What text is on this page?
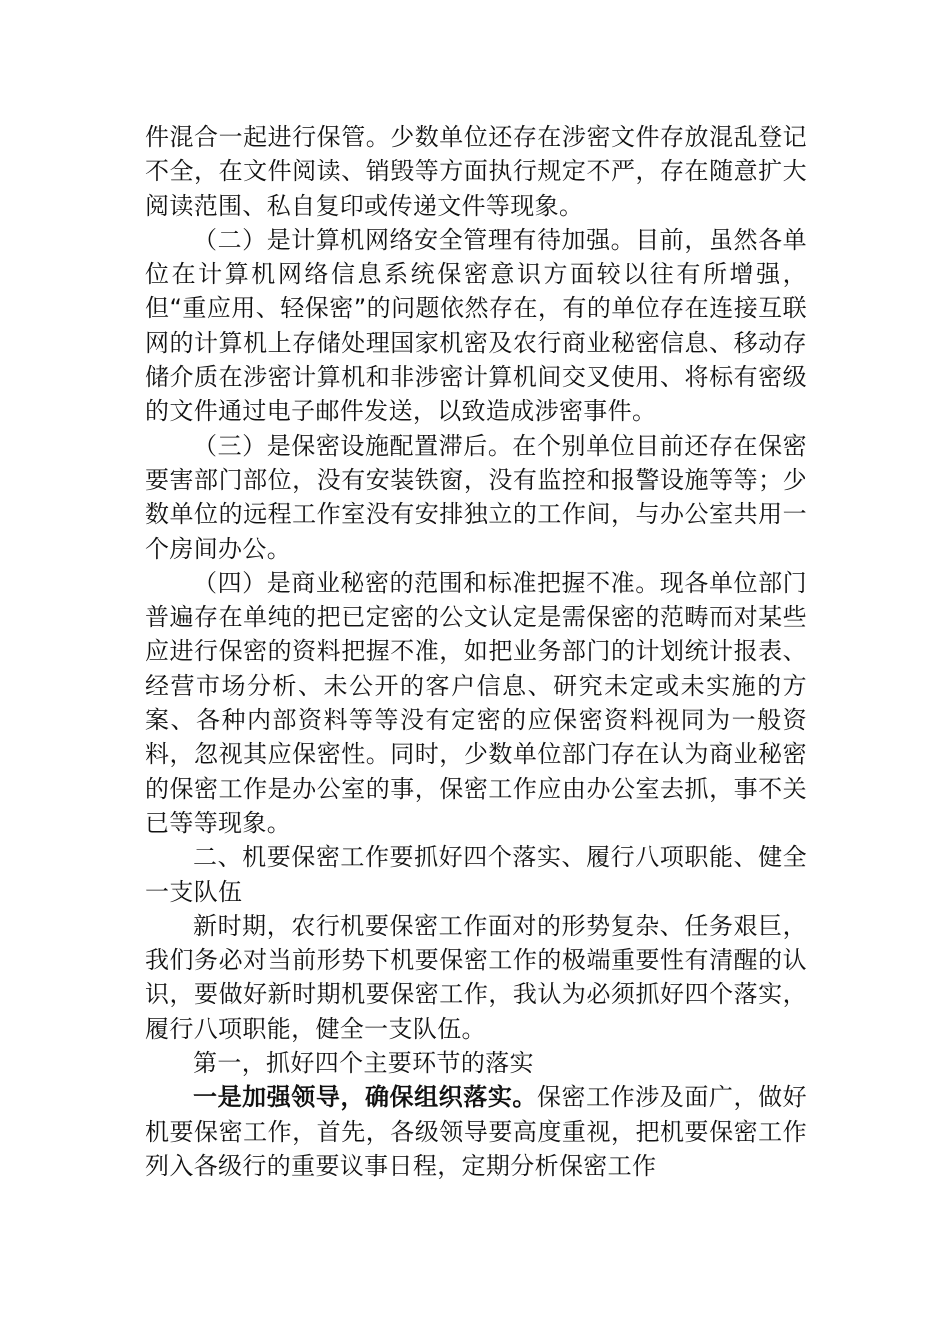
件混合一起进行保管。少数单位还存在涉密文件存放混乱登记不全，在文件阅读、销毁等方面执行规定不严，存在随意扩大阅读范围、私自复印或传递文件等现象。

（二）是计算机网络安全管理有待加强。目前，虽然各单位在计算机网络信息系统保密意识方面较以往有所增强，但“重应用、轻保密”的问题依然存在，有的单位存在连接互联网的计算机上存储处理国家机密及农行商业秘密信息、移动存储介质在涉密计算机和非涉密计算机间交叉使用、将标有密级的文件通过电子邮件发送，以致造成涉密事件。

（三）是保密设施配置滞后。在个别单位目前还存在保密要害部门部位，没有安装铁窗，没有监控和报警设施等等；少数单位的远程工作室没有安排独立的工作间，与办公室共用一个房间办公。

（四）是商业秘密的范围和标准把握不准。现各单位部门普遍存在单纯的把已定密的公文认定是需保密的范畴而对某些应进行保密的资料把握不准，如把业务部门的计划统计报表、经营市场分析、未公开的客户信息、研究未定或未实施的方案、各种内部资料等等没有定密的应保密资料视同为一般资料，忽视其应保密性。同时，少数单位部门存在认为商业秘密的保密工作是办公室的事，保密工作应由办公室去抓，事不关已等等现象。

二、机要保密工作要抓好四个落实、履行八项职能、健全一支队伍

新时期，农行机要保密工作面对的形势复杂、任务艰巨，我们务必对当前形势下机要保密工作的极端重要性有清醒的认识，要做好新时期机要保密工作，我认为必须抓好四个落实，履行八项职能，健全一支队伍。

第一，抓好四个主要环节的落实

一是加强领导，确保组织落实。保密工作涉及面广，做好机要保密工作，首先，各级领导要高度重视，把机要保密工作列入各级行的重要议事日程，定期分析保密工作
